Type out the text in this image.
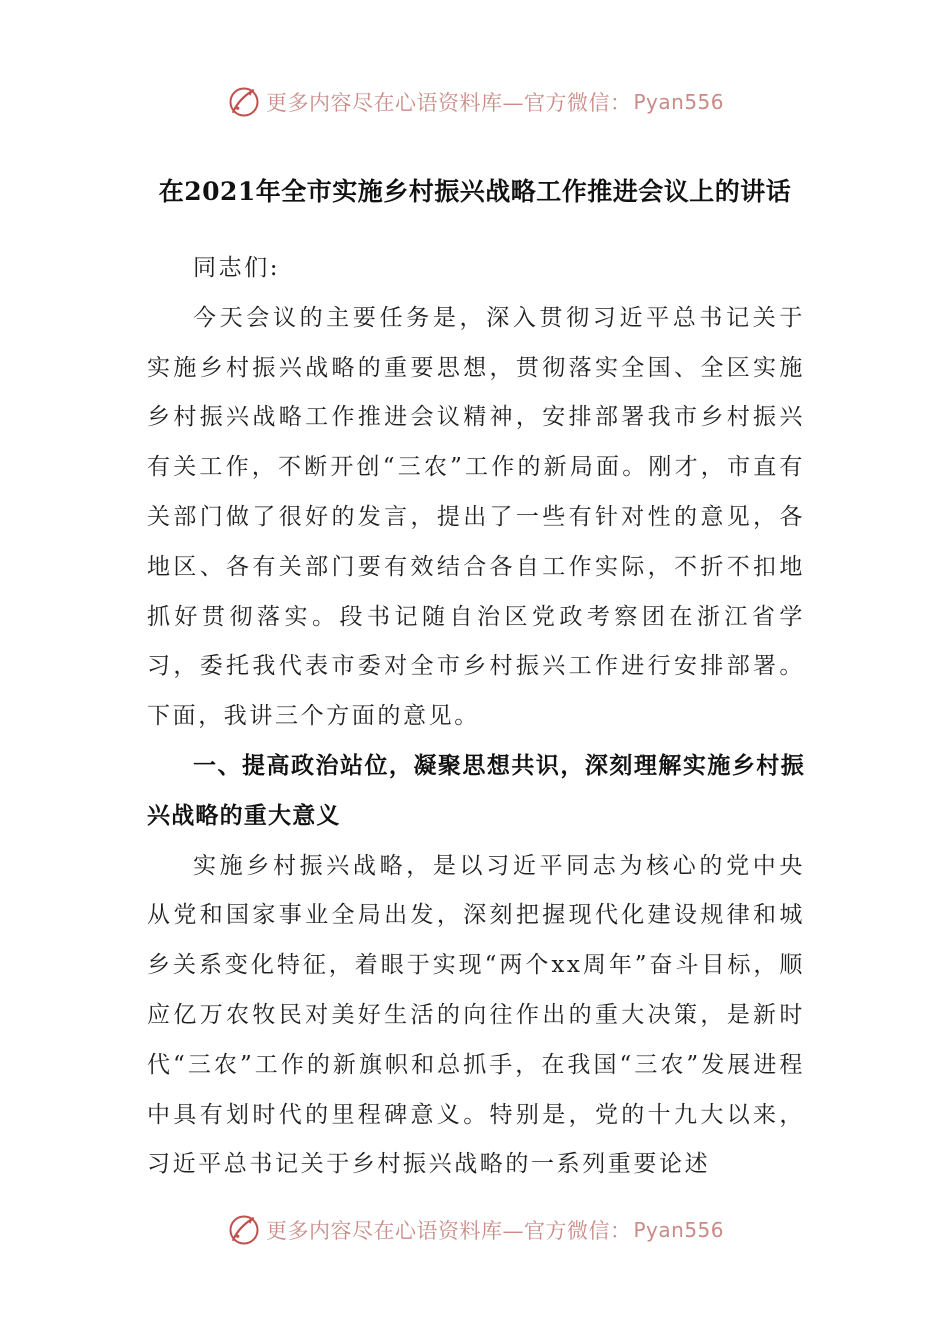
更多内容尽在心语资料库—官方微信： Pyan556
在2021年全市实施乡村振兴战略工作推进会议上的讲话

同志们:

今天会议的主要任务是，深入贯彻习近平总书记关于实施乡村振兴战略的重要思想，贯彻落实全国、全区实施乡村振兴战略工作推进会议精神，安排部署我市乡村振兴有关工作，不断开创“三农”工作的新局面。刚才，市直有关部门做了很好的发言，提出了一些有针对性的意见，各地区、各有关部门要有效结合各自工作实际，不折不扣地抓好贯彻落实。段书记随自治区党政考察团在浙江省学习，委托我代表市委对全市乡村振兴工作进行安排部署。下面，我讲三个方面的意见。

一、提高政治站位，凝聚思想共识，深刻理解实施乡村振兴战略的重大意义

实施乡村振兴战略，是以习近平同志为核心的党中央从党和国家事业全局出发，深刻把握现代化建设规律和城乡关系变化特征，着眼于实现“两个xx周年”奋斗目标，顺应亿万农牧民对美好生活的向往作出的重大决策，是新时代“三农”工作的新旗帜和总抓手，在我国“三农”发展进程中具有划时代的里程碑意义。特别是，党的十九大以来，习近平总书记关于乡村振兴战略的一系列重要论述

更多内容尽在心语资料库—官方微信： Pyan556
